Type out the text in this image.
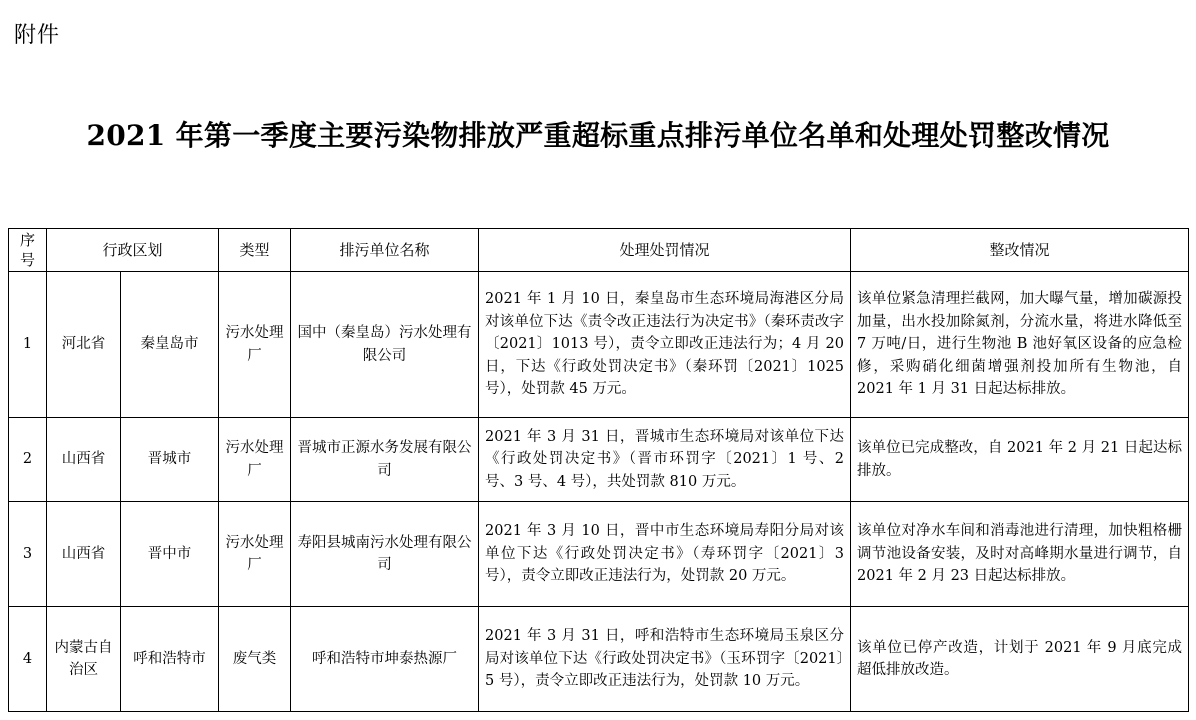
附件
2021 年第一季度主要污染物排放严重超标重点排污单位名单和处理处罚整改情况
序号	行政区划		类型	排污单位名称	处理处罚情况	整改情况
1	河北省	秦皇岛市	污水处理厂	国中（秦皇岛）污水处理有限公司	2021 年 1 月 10 日，秦皇岛市生态环境局海港区分局对该单位下达《责令改正违法行为决定书》（秦环责改字〔2021〕1013 号），责令立即改正违法行为；4 月 20 日，下达《行政处罚决定书》（秦环罚〔2021〕1025 号），处罚款 45 万元。	该单位紧急清理拦截网，加大曝气量，增加碳源投加量，出水投加除氮剂，分流水量，将进水降低至 7 万吨/日，进行生物池 B 池好氧区设备的应急检修，采购硝化细菌增强剂投加所有生物池，自 2021 年 1 月 31 日起达标排放。
2	山西省	晋城市	污水处理厂	晋城市正源水务发展有限公司	2021 年 3 月 31 日，晋城市生态环境局对该单位下达《行政处罚决定书》（晋市环罚字〔2021〕1 号、2 号、3 号、4 号），共处罚款 810 万元。	该单位已完成整改，自 2021 年 2 月 21 日起达标排放。
3	山西省	晋中市	污水处理厂	寿阳县城南污水处理有限公司	2021 年 3 月 10 日，晋中市生态环境局寿阳分局对该单位下达《行政处罚决定书》（寿环罚字〔2021〕3 号），责令立即改正违法行为，处罚款 20 万元。	该单位对净水车间和消毒池进行清理，加快粗格栅调节池设备安装，及时对高峰期水量进行调节，自 2021 年 2 月 23 日起达标排放。
4	内蒙古自治区	呼和浩特市	废气类	呼和浩特市坤泰热源厂	2021 年 3 月 31 日，呼和浩特市生态环境局玉泉区分局对该单位下达《行政处罚决定书》（玉环罚字〔2021〕5 号），责令立即改正违法行为，处罚款 10 万元。	该单位已停产改造，计划于 2021 年 9 月底完成超低排放改造。
